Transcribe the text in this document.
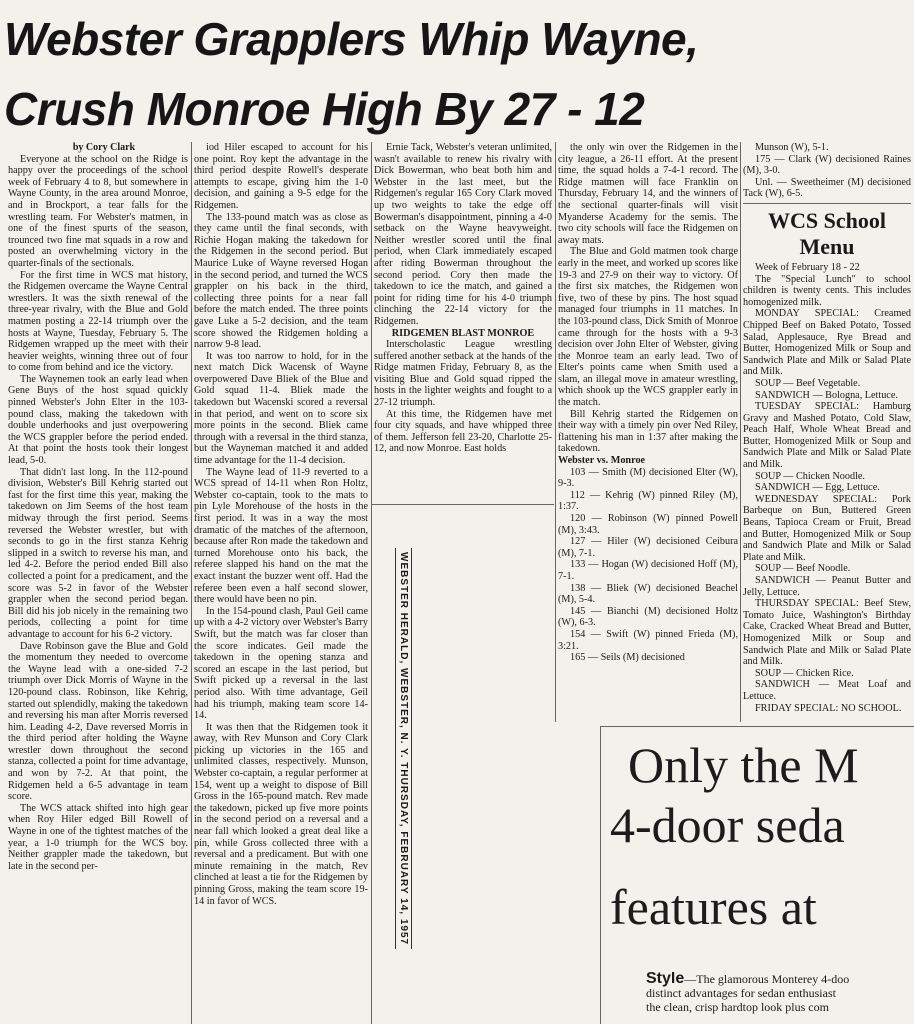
Webster Grapplers Whip Wayne,
Crush Monroe High By 27 - 12

by Cory Clark

Everyone at the school on the Ridge is happy over the proceedings of the school week of February 4 to 8, but somewhere in Wayne County, in the area around Monroe, and in Brockport, a tear falls for the wrestling team. For Webster's matmen, in one of the finest spurts of the season, trounced two fine mat squads in a row and posted an overwhelming victory in the quarter-finals of the sectionals.

For the first time in WCS mat history, the Ridgemen overcame the Wayne Central wrestlers. It was the sixth renewal of the three-year rivalry, with the Blue and Gold matmen posting a 22-14 triumph over the hosts at Wayne, Tuesday, February 5. The Ridgemen wrapped up the meet with their heavier weights, winning three out of four to come from behind and ice the victory.

The Waynemen took an early lead when Gene Buys of the host squad quickly pinned Webster's John Elter in the 103-pound class, making the takedown with double underhooks and just overpowering the WCS grappler before the period ended. At that point the hosts took their longest lead, 5-0.

That didn't last long. In the 112-pound division, Webster's Bill Kehrig started out fast for the first time this year, making the takedown on Jim Seems of the host team midway through the first period. Seems reversed the Webster wrestler, but with seconds to go in the first stanza Kehrig slipped in a switch to reverse his man, and led 4-2. Before the period ended Bill also collected a point for a predicament, and the score was 5-2 in favor of the Webster grappler when the second period began. Bill did his job nicely in the remaining two periods, collecting a point for time advantage to account for his 6-2 victory.

Dave Robinson gave the Blue and Gold the momentum they needed to overcome the Wayne lead with a one-sided 7-2 triumph over Dick Morris of Wayne in the 120-pound class. Robinson, like Kehrig, started out splendidly, making the takedown and reversing his man after Morris reversed him. Leading 4-2, Dave reversed Morris in the third period after holding the Wayne wrestler down throughout the second stanza, collected a point for time advantage, and won by 7-2. At that point, the Ridgemen held a 6-5 advantage in team score.

The WCS attack shifted into high gear when Roy Hiler edged Bill Rowell of Wayne in one of the tightest matches of the year, a 1-0 triumph for the WCS boy. Neither grappler made the takedown, but late in the second per-

iod Hiler escaped to account for his one point. Roy kept the advantage in the third period despite Rowell's desperate attempts to escape, giving him the 1-0 decision, and gaining a 9-5 edge for the Ridgemen.

The 133-pound match was as close as they came until the final seconds, with Richie Hogan making the takedown for the Ridgemen in the second period. But Maurice Luke of Wayne reversed Hogan in the second period, and turned the WCS grappler on his back in the third, collecting three points for a near fall before the match ended. The three points gave Luke a 5-2 decision, and the team score showed the Ridgemen holding a narrow 9-8 lead.

It was too narrow to hold, for in the next match Dick Wacensk of Wayne overpowered Dave Bliek of the Blue and Gold squad 11-4. Bliek made the takedown but Wacenski scored a reversal in that period, and went on to score six more points in the second. Bliek came through with a reversal in the third stanza, but the Wayneman matched it and added time advantage for the 11-4 decision.

The Wayne lead of 11-9 reverted to a WCS spread of 14-11 when Ron Holtz, Webster co-captain, took to the mats to pin Lyle Morehouse of the hosts in the first period. It was in a way the most dramatic of the matches of the afternoon, because after Ron made the takedown and turned Morehouse onto his back, the referee slapped his hand on the mat the exact instant the buzzer went off. Had the referee been even a half second slower, there would have been no pin.

In the 154-pound clash, Paul Geil came up with a 4-2 victory over Webster's Barry Swift, but the match was far closer than the score indicates. Geil made the takedown in the opening stanza and scored an escape in the last period, but Swift picked up a reversal in the last period also. With time advantage, Geil had his triumph, making team score 14-14.

It was then that the Ridgemen took it away, with Rev Munson and Cory Clark picking up victories in the 165 and unlimited classes, respectively. Munson, Webster co-captain, a regular performer at 154, went up a weight to dispose of Bill Gross in the 165-pound match. Rev made the takedown, picked up five more points in the second period on a reversal and a near fall which looked a great deal like a pin, while Gross collected three with a reversal and a predicament. But with one minute remaining in the match, Rev clinched at least a tie for the Ridgemen by pinning Gross, making the team score 19-14 in favor of WCS.

Ernie Tack, Webster's veteran unlimited, wasn't available to renew his rivalry with Dick Bowerman, who beat both him and Webster in the last meet, but the Ridgemen's regular 165 Cory Clark moved up two weights to take the edge off Bowerman's disappointment, pinning a 4-0 setback on the Wayne heavyweight. Neither wrestler scored until the final period, when Clark immediately escaped after riding Bowerman throughout the second period. Cory then made the takedown to ice the match, and gained a point for riding time for his 4-0 triumph clinching the 22-14 victory for the Ridgemen.

RIDGEMEN BLAST MONROE

Interscholastic League wrestling suffered another setback at the hands of the Ridge matmen Friday, February 8, as the visiting Blue and Gold squad ripped the hosts in the lighter weights and fought to a 27-12 triumph.

At this time, the Ridgemen have met four city squads, and have whipped three of them. Jefferson fell 23-20, Charlotte 25-12, and now Monroe. East holds

WEBSTER HERALD, WEBSTER, N. Y. THURSDAY, FEBRUARY 14, 1957

the only win over the Ridgemen in the city league, a 26-11 effort. At the present time, the squad holds a 7-4-1 record. The Ridge matmen will face Franklin on Thursday, February 14, and the winners of the sectional quarter-finals will visit Myanderse Academy for the semis. The two city schools will face the Ridgemen on away mats.

The Blue and Gold matmen took charge early in the meet, and worked up scores like 19-3 and 27-9 on their way to victory. Of the first six matches, the Ridgemen won five, two of these by pins. The host squad managed four triumphs in 11 matches. In the 103-pound class, Dick Smith of Monroe came through for the hosts with a 9-3 decision over John Elter of Webster, giving the Monroe team an early lead. Two of Elter's points came when Smith used a slam, an illegal move in amateur wrestling, which shook up the WCS grappler early in the match.

Bill Kehrig started the Ridgemen on their way with a timely pin over Ned Riley, flattening his man in 1:37 after making the takedown.

Webster vs. Monroe

103 — Smith (M) decisioned Elter (W), 9-3.

112 — Kehrig (W) pinned Riley (M), 1:37.

120 — Robinson (W) pinned Powell (M), 3:43.

127 — Hiler (W) decisioned Ceibura (M), 7-1.

133 — Hogan (W) decisioned Hoff (M), 7-1.

138 — Bliek (W) decisioned Beachel (M), 5-4.

145 — Bianchi (M) decisioned Holtz (W), 6-3.

154 — Swift (W) pinned Frieda (M), 3:21.

165 — Seils (M) decisioned

Munson (W), 5-1.

175 — Clark (W) decisioned Raines (M), 3-0.

Unl. — Sweetheimer (M) decisioned Tack (W), 6-5.

WCS School Menu

Week of February 18 - 22

The "Special Lunch" to school children is twenty cents. This includes homogenized milk.

MONDAY SPECIAL: Creamed Chipped Beef on Baked Potato, Tossed Salad, Applesauce, Rye Bread and Butter, Homogenized Milk or Soup and Sandwich Plate and Milk or Salad Plate and Milk.

SOUP — Beef Vegetable.

SANDWICH — Bologna, Lettuce.

TUESDAY SPECIAL: Hamburg Gravy and Mashed Potato, Cold Slaw, Peach Half, Whole Wheat Bread and Butter, Homogenized Milk or Soup and Sandwich Plate and Milk or Salad Plate and Milk.

SOUP — Chicken Noodle.

SANDWICH — Egg, Lettuce.

WEDNESDAY SPECIAL: Pork Barbeque on Bun, Buttered Green Beans, Tapioca Cream or Fruit, Bread and Butter, Homogenized Milk or Soup and Sandwich Plate and Milk or Salad Plate and Milk.

SOUP — Beef Noodle.

SANDWICH — Peanut Butter and Jelly, Lettuce.

THURSDAY SPECIAL: Beef Stew, Tomato Juice, Washington's Birthday Cake, Cracked Wheat Bread and Butter, Homogenized Milk or Soup and Sandwich Plate and Milk or Salad Plate and Milk.

SOUP — Chicken Rice.

SANDWICH — Meat Loaf and Lettuce.

FRIDAY SPECIAL: NO SCHOOL.

Only the M
4-door seda
features at
Style—The glamorous Monterey 4-doo
distinct advantages for sedan enthusiast
the clean, crisp hardtop look plus com
